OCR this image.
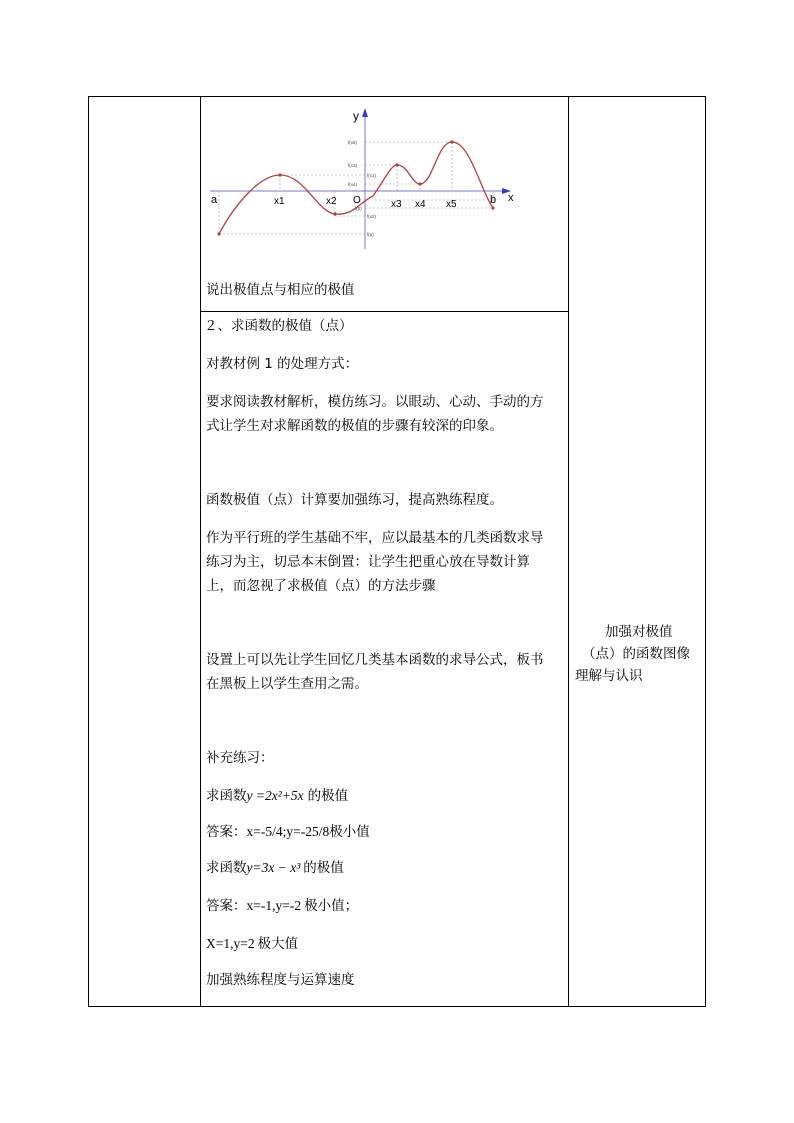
y
x
O
a	b
x1	x2	x3 x4 x5
f(x5)
f(x3)
f(x1)
f(x4)
f(b)
f(x2)
f(a)
说出极值点与相应的极值
２、求函数的极值（点）
对教材例 1 的处理方式：
要求阅读教材解析，模仿练习。以眼动、心动、手动的方
式让学生对求解函数的极值的步骤有较深的印象。
函数极值（点）计算要加强练习，提高熟练程度。
作为平行班的学生基础不牢，应以最基本的几类函数求导
练习为主，切忌本末倒置：让学生把重心放在导数计算
上，而忽视了求极值（点）的方法步骤
设置上可以先让学生回忆几类基本函数的求导公式，板书
在黑板上以学生查用之需。
补充练习：
求函数y =2x²+5x 的极值
答案：x=-5/4;y=-25/8极小值
求函数y=3x − x³ 的极值
答案：x=-1,y=-2 极小值；
X=1,y=2 极大值
加强熟练程度与运算速度
加强对极值
（点）的函数图像
理解与认识
